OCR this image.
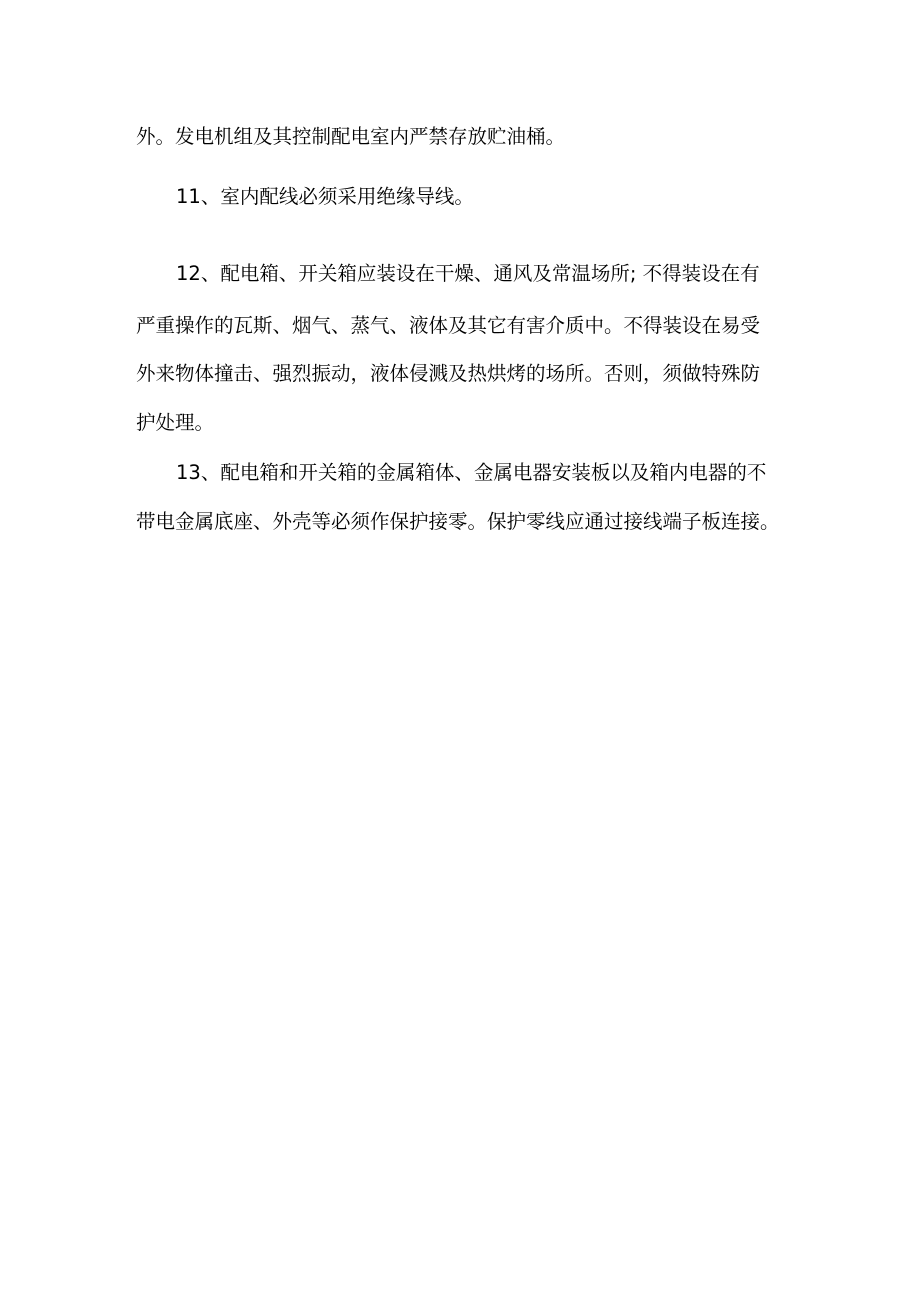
外。发电机组及其控制配电室内严禁存放贮油桶。
11、室内配线必须采用绝缘导线。
12、配电箱、开关箱应装设在干燥、通风及常温场所; 不得装设在有
严重操作的瓦斯、烟气、蒸气、液体及其它有害介质中。不得装设在易受
外来物体撞击、强烈振动，液体侵溅及热烘烤的场所。否则，须做特殊防
护处理。
13、配电箱和开关箱的金属箱体、金属电器安装板以及箱内电器的不
带电金属底座、外壳等必须作保护接零。保护零线应通过接线端子板连接。
